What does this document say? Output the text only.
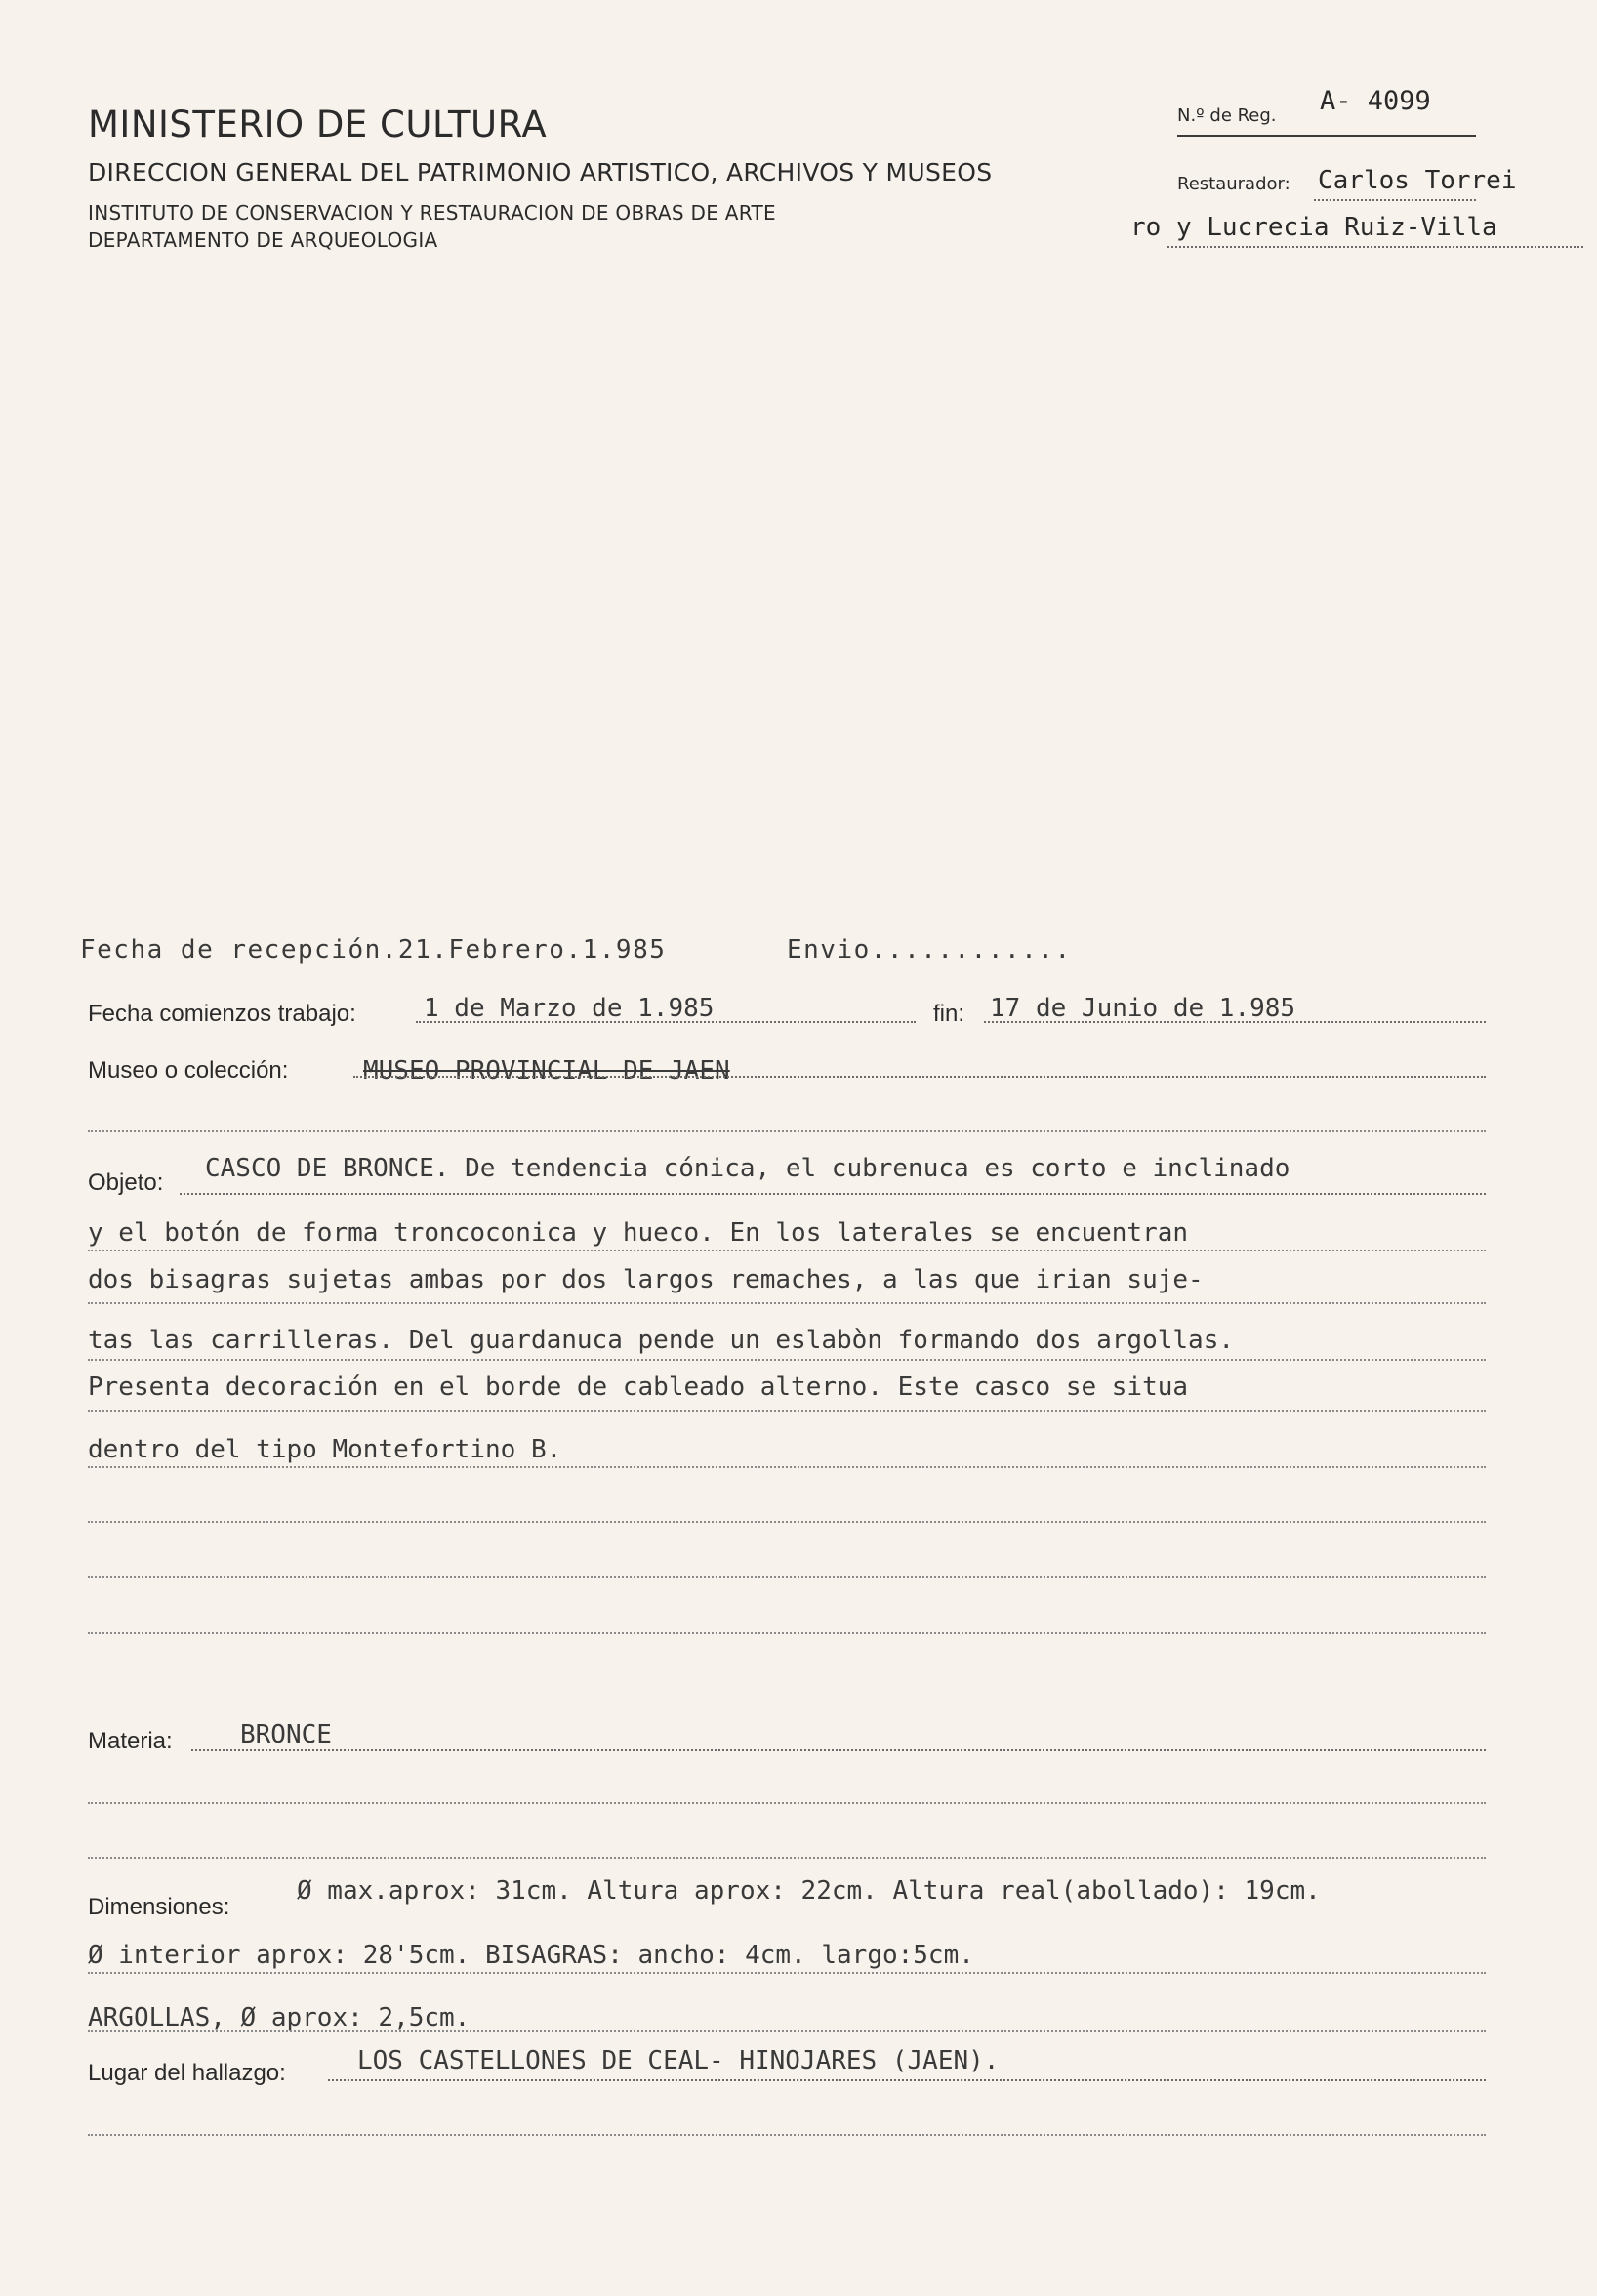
MINISTERIO DE CULTURA
DIRECCION GENERAL DEL PATRIMONIO ARTISTICO, ARCHIVOS Y MUSEOS
INSTITUTO DE CONSERVACION Y RESTAURACION DE OBRAS DE ARTE
DEPARTAMENTO DE ARQUEOLOGIA
N.º de Reg. A- 4099
Restaurador: Carlos Torrei
ro y Lucrecia Ruiz-Villa
Fecha de recepción.21.Febrero.1.985	Envio............
Fecha comienzos trabajo:	1 de Marzo de 1.985	fin: 17 de Junio de 1.985
Museo o colección:	MUSEO PROVINCIAL DE JAEN
Objeto: CASCO DE BRONCE. De tendencia cónica, el cubrenuca es corto e inclinado
y el botón de forma troncoconica y hueco. En los laterales se encuentran
dos bisagras sujetas ambas por dos largos remaches, a las que irian suje-
tas las carrilleras. Del guardanuca pende un eslabòn formando dos argollas.
Presenta decoración en el borde de cableado alterno. Este casco se situa
dentro del tipo Montefortino B.
Materia:	BRONCE
Dimensiones:
Ø max.aprox: 31cm. Altura aprox: 22cm. Altura real(abollado): 19cm.
Ø interior aprox: 28'5cm. BISAGRAS: ancho: 4cm. largo:5cm.
ARGOLLAS, Ø aprox: 2,5cm.
Lugar del hallazgo:	LOS CASTELLONES DE CEAL- HINOJARES (JAEN).
